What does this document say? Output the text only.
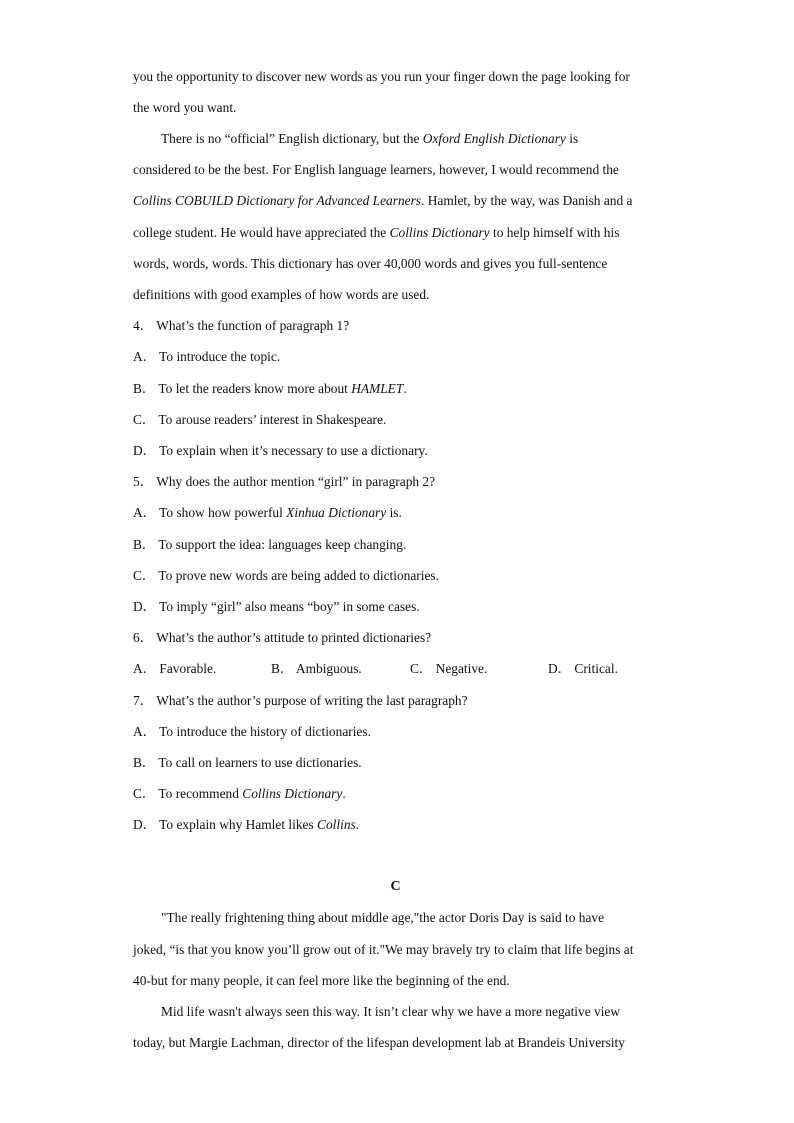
you the opportunity to discover new words as you run your finger down the page looking for
the word you want.
There is no “official” English dictionary, but the Oxford English Dictionary is
considered to be the best. For English language learners, however, I would recommend the
Collins COBUILD Dictionary for Advanced Learners. Hamlet, by the way, was Danish and a
college student. He would have appreciated the Collins Dictionary to help himself with his
words, words, words. This dictionary has over 40,000 words and gives you full-sentence
definitions with good examples of how words are used.
4． What’s the function of paragraph 1?
A． To introduce the topic.
B． To let the readers know more about HAMLET.
C． To arouse readers’ interest in Shakespeare.
D． To explain when it’s necessary to use a dictionary.
5． Why does the author mention “girl” in paragraph 2?
A． To show how powerful Xinhua Dictionary is.
B． To support the idea: languages keep changing.
C． To prove new words are being added to dictionaries.
D． To imply “girl” also means “boy” in some cases.
6． What’s the author’s attitude to printed dictionaries?
A． Favorable.	B． Ambiguous.	C． Negative.	D． Critical.
7． What’s the author’s purpose of writing the last paragraph?
A． To introduce the history of dictionaries.
B． To call on learners to use dictionaries.
C． To recommend Collins Dictionary.
D． To explain why Hamlet likes Collins.
C
"The really frightening thing about middle age,"the actor Doris Day is said to have
joked, “is that you know you’ll grow out of it."We may bravely try to claim that life begins at
40-but for many people, it can feel more like the beginning of the end.
Mid life wasn't always seen this way. It isn’t clear why we have a more negative view
today, but Margie Lachman, director of the lifespan development lab at Brandeis University
